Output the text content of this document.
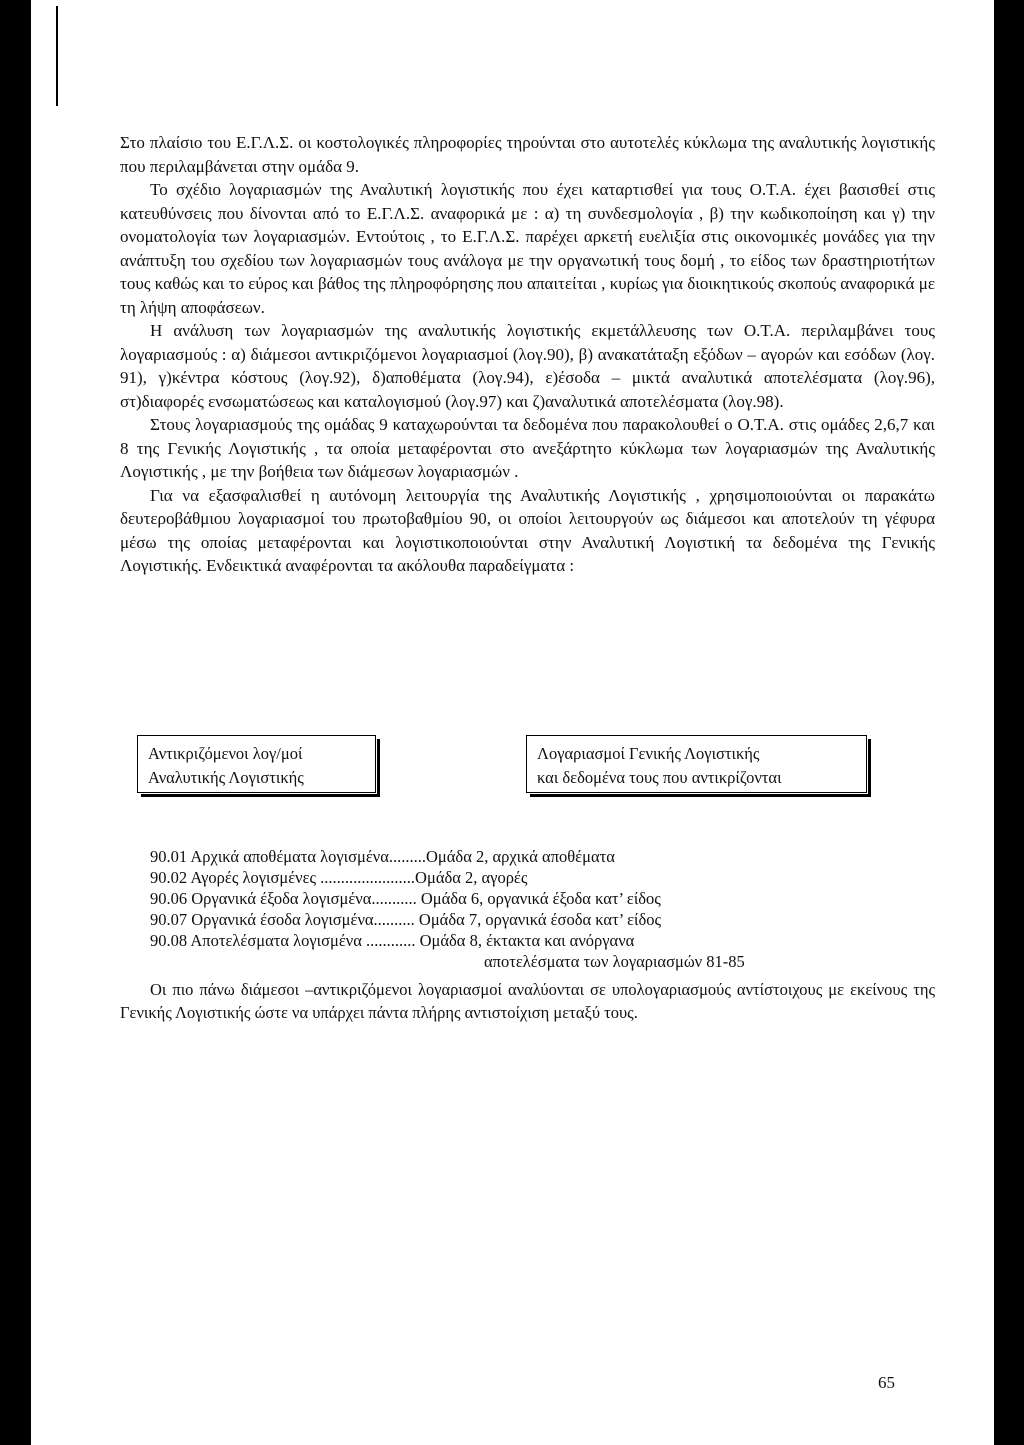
Στο πλαίσιο του Ε.Γ.Λ.Σ. οι κοστολογικές πληροφορίες τηρούνται στο αυτοτελές κύκλωμα της αναλυτικής λογιστικής που περιλαμβάνεται στην ομάδα 9.

Το σχέδιο λογαριασμών της Αναλυτική λογιστικής που έχει καταρτισθεί για τους Ο.Τ.Α. έχει βασισθεί στις κατευθύνσεις που δίνονται από το Ε.Γ.Λ.Σ. αναφορικά με : α) τη συνδεσμολογία , β) την κωδικοποίηση και γ) την ονοματολογία των λογαριασμών. Εντούτοις , το Ε.Γ.Λ.Σ. παρέχει αρκετή ευελιξία στις οικονομικές μονάδες για την ανάπτυξη του σχεδίου των λογαριασμών τους ανάλογα με την οργανωτική τους δομή , το είδος των δραστηριοτήτων τους καθώς και το εύρος και βάθος της πληροφόρησης που απαιτείται , κυρίως για διοικητικούς σκοπούς αναφορικά με τη λήψη αποφάσεων.

Η ανάλυση των λογαριασμών της αναλυτικής λογιστικής εκμετάλλευσης των Ο.Τ.Α. περιλαμβάνει τους λογαριασμούς : α) διάμεσοι αντικριζόμενοι λογαριασμοί (λογ.90), β) ανακατάταξη εξόδων – αγορών και εσόδων (λογ. 91), γ)κέντρα κόστους (λογ.92), δ)αποθέματα (λογ.94), ε)έσοδα – μικτά αναλυτικά αποτελέσματα (λογ.96), στ)διαφορές ενσωματώσεως και καταλογισμού (λογ.97) και ζ)αναλυτικά αποτελέσματα (λογ.98).

Στους λογαριασμούς της ομάδας 9 καταχωρούνται τα δεδομένα που παρακολουθεί ο Ο.Τ.Α. στις ομάδες 2,6,7 και 8 της Γενικής Λογιστικής , τα οποία μεταφέρονται στο ανεξάρτητο κύκλωμα των λογαριασμών της Αναλυτικής Λογιστικής , με την βοήθεια των διάμεσων λογαριασμών .

Για να εξασφαλισθεί η αυτόνομη λειτουργία της Αναλυτικής Λογιστικής , χρησιμοποιούνται οι παρακάτω δευτεροβάθμιου λογαριασμοί του πρωτοβαθμίου 90, οι οποίοι λειτουργούν ως διάμεσοι και αποτελούν τη γέφυρα μέσω της οποίας μεταφέρονται και λογιστικοποιούνται στην Αναλυτική Λογιστική τα δεδομένα της Γενικής Λογιστικής. Ενδεικτικά αναφέρονται τα ακόλουθα παραδείγματα :

Αντικριζόμενοι λογ/μοί
Αναλυτικής Λογιστικής
Λογαριασμοί Γενικής Λογιστικής
και δεδομένα τους που αντικρίζονται
90.01 Αρχικά αποθέματα λογισμένα.........Ομάδα 2, αρχικά αποθέματα
90.02 Αγορές λογισμένες .......................Ομάδα 2, αγορές
90.06 Οργανικά έξοδα λογισμένα........... Ομάδα 6, οργανικά έξοδα κατ’ είδος
90.07 Οργανικά έσοδα λογισμένα.......... Ομάδα 7, οργανικά έσοδα κατ’ είδος
90.08 Αποτελέσματα λογισμένα ............ Ομάδα 8, έκτακτα και ανόργανα
αποτελέσματα των λογαριασμών 81-85

Οι πιο πάνω διάμεσοι –αντικριζόμενοι λογαριασμοί αναλύονται σε υπολογαριασμούς αντίστοιχους με εκείνους της Γενικής Λογιστικής ώστε να υπάρχει πάντα πλήρης αντιστοίχιση μεταξύ τους.

65
